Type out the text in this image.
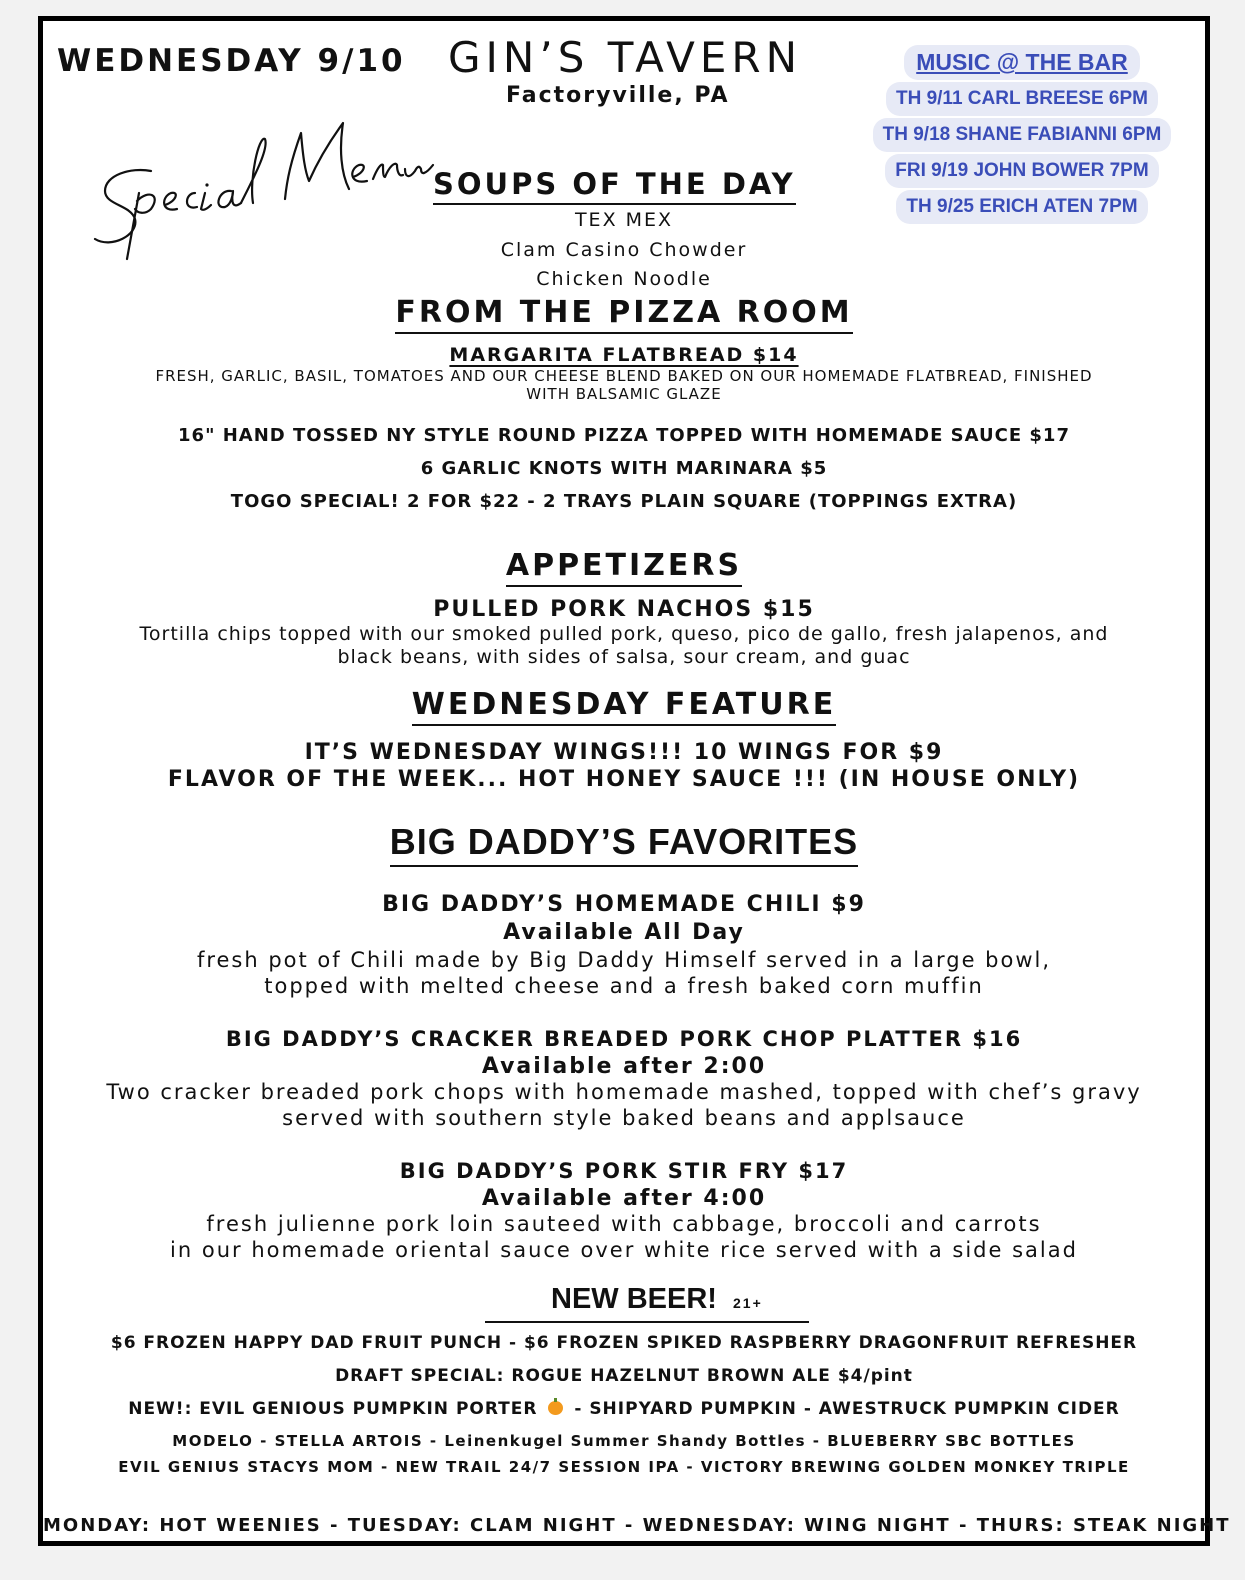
WEDNESDAY 9/10 GIN’S TAVERN
Factoryville, PA
MUSIC @ THE BAR
TH 9/11 CARL BREESE 6PM
TH 9/18 SHANE FABIANNI 6PM
FRI 9/19 JOHN BOWER 7PM
TH 9/25 ERICH ATEN 7PM
SOUPS OF THE DAY
TEX MEX
Clam Casino Chowder
Chicken Noodle
FROM THE PIZZA ROOM
MARGARITA FLATBREAD $14
FRESH, GARLIC, BASIL, TOMATOES AND OUR CHEESE BLEND BAKED ON OUR HOMEMADE FLATBREAD, FINISHED
WITH BALSAMIC GLAZE
16" HAND TOSSED NY STYLE ROUND PIZZA TOPPED WITH HOMEMADE SAUCE $17
6 GARLIC KNOTS WITH MARINARA $5
TOGO SPECIAL! 2 FOR $22 - 2 TRAYS PLAIN SQUARE (TOPPINGS EXTRA)
APPETIZERS
PULLED PORK NACHOS $15
Tortilla chips topped with our smoked pulled pork, queso, pico de gallo, fresh jalapenos, and
black beans, with sides of salsa, sour cream, and guac
WEDNESDAY FEATURE
IT’S WEDNESDAY WINGS!!! 10 WINGS FOR $9
FLAVOR OF THE WEEK... HOT HONEY SAUCE !!! (IN HOUSE ONLY)
BIG DADDY’S FAVORITES
BIG DADDY’S HOMEMADE CHILI $9
Available All Day
fresh pot of Chili made by Big Daddy Himself served in a large bowl,
topped with melted cheese and a fresh baked corn muffin
BIG DADDY’S CRACKER BREADED PORK CHOP PLATTER $16
Available after 2:00
Two cracker breaded pork chops with homemade mashed, topped with chef’s gravy
served with southern style baked beans and applsauce
BIG DADDY’S PORK STIR FRY $17
Available after 4:00
fresh julienne pork loin sauteed with cabbage, broccoli and carrots
in our homemade oriental sauce over white rice served with a side salad
NEW BEER! 21+
$6 FROZEN HAPPY DAD FRUIT PUNCH - $6 FROZEN SPIKED RASPBERRY DRAGONFRUIT REFRESHER
DRAFT SPECIAL: ROGUE HAZELNUT BROWN ALE $4/pint
NEW!: EVIL GENIOUS PUMPKIN PORTER - SHIPYARD PUMPKIN - AWESTRUCK PUMPKIN CIDER
MODELO - STELLA ARTOIS - Leinenkugel Summer Shandy Bottles - BLUEBERRY SBC BOTTLES
EVIL GENIUS STACYS MOM - NEW TRAIL 24/7 SESSION IPA - VICTORY BREWING GOLDEN MONKEY TRIPLE
MONDAY: HOT WEENIES - TUESDAY: CLAM NIGHT - WEDNESDAY: WING NIGHT - THURS: STEAK NIGHT
